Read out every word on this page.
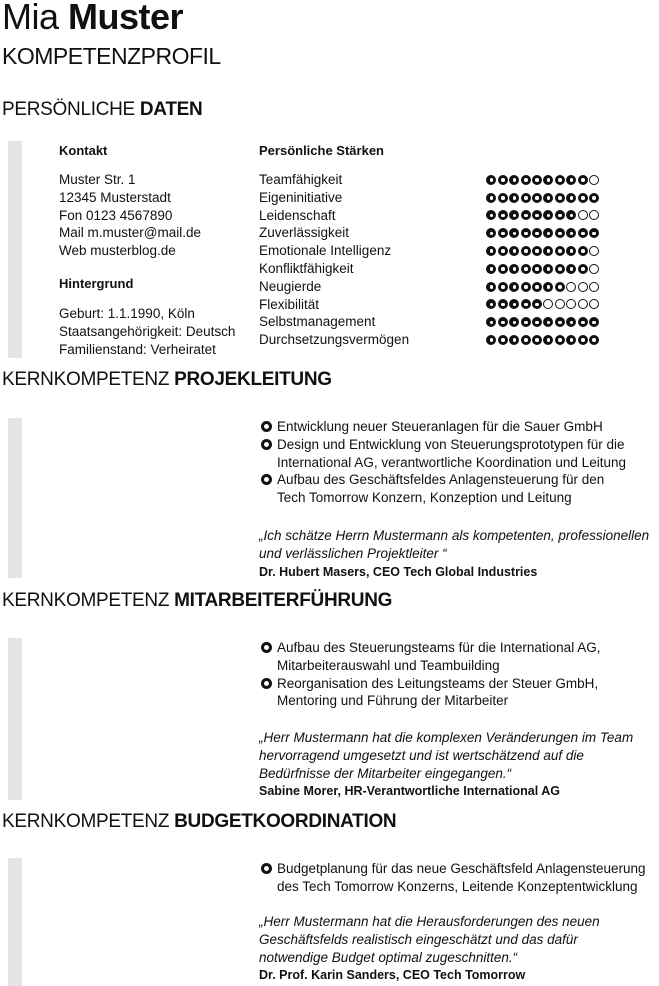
Mia Muster
KOMPETENZPROFIL
PERSÖNLICHE DATEN
Kontakt
Muster Str. 1
12345 Musterstadt
Fon 0123 4567890
Mail m.muster@mail.de
Web musterblog.de
Hintergrund
Geburt: 1.1.1990, Köln
Staatsangehörigkeit: Deutsch
Familienstand: Verheiratet
Persönliche Stärken
Teamfähigkeit
Eigeninitiative
Leidenschaft
Zuverlässigkeit
Emotionale Intelligenz
Konfliktfähigkeit
Neugierde
Flexibilität
Selbstmanagement
Durchsetzungsvermögen
KERNKOMPETENZ PROJEKLEITUNG
Entwicklung neuer Steueranlagen für die Sauer GmbH
Design und Entwicklung von Steuerungsprototypen für die
International AG, verantwortliche Koordination und Leitung
Aufbau des Geschäftsfeldes Anlagensteuerung für den
Tech Tomorrow Konzern, Konzeption und Leitung
„Ich schätze Herrn Mustermann als kompetenten, professionellen
und verlässlichen Projektleiter “
Dr. Hubert Masers, CEO Tech Global Industries
KERNKOMPETENZ MITARBEITERFÜHRUNG
Aufbau des Steuerungsteams für die International AG,
Mitarbeiterauswahl und Teambuilding
Reorganisation des Leitungsteams der Steuer GmbH,
Mentoring und Führung der Mitarbeiter
„Herr Mustermann hat die komplexen Veränderungen im Team
hervorragend umgesetzt und ist wertschätzend auf die
Bedürfnisse der Mitarbeiter eingegangen.“
Sabine Morer, HR-Verantwortliche International AG
KERNKOMPETENZ BUDGETKOORDINATION
Budgetplanung für das neue Geschäftsfeld Anlagensteuerung
des Tech Tomorrow Konzerns, Leitende Konzeptentwicklung
„Herr Mustermann hat die Herausforderungen des neuen
Geschäftsfelds realistisch eingeschätzt und das dafür
notwendige Budget optimal zugeschnitten.“
Dr. Prof. Karin Sanders, CEO Tech Tomorrow
